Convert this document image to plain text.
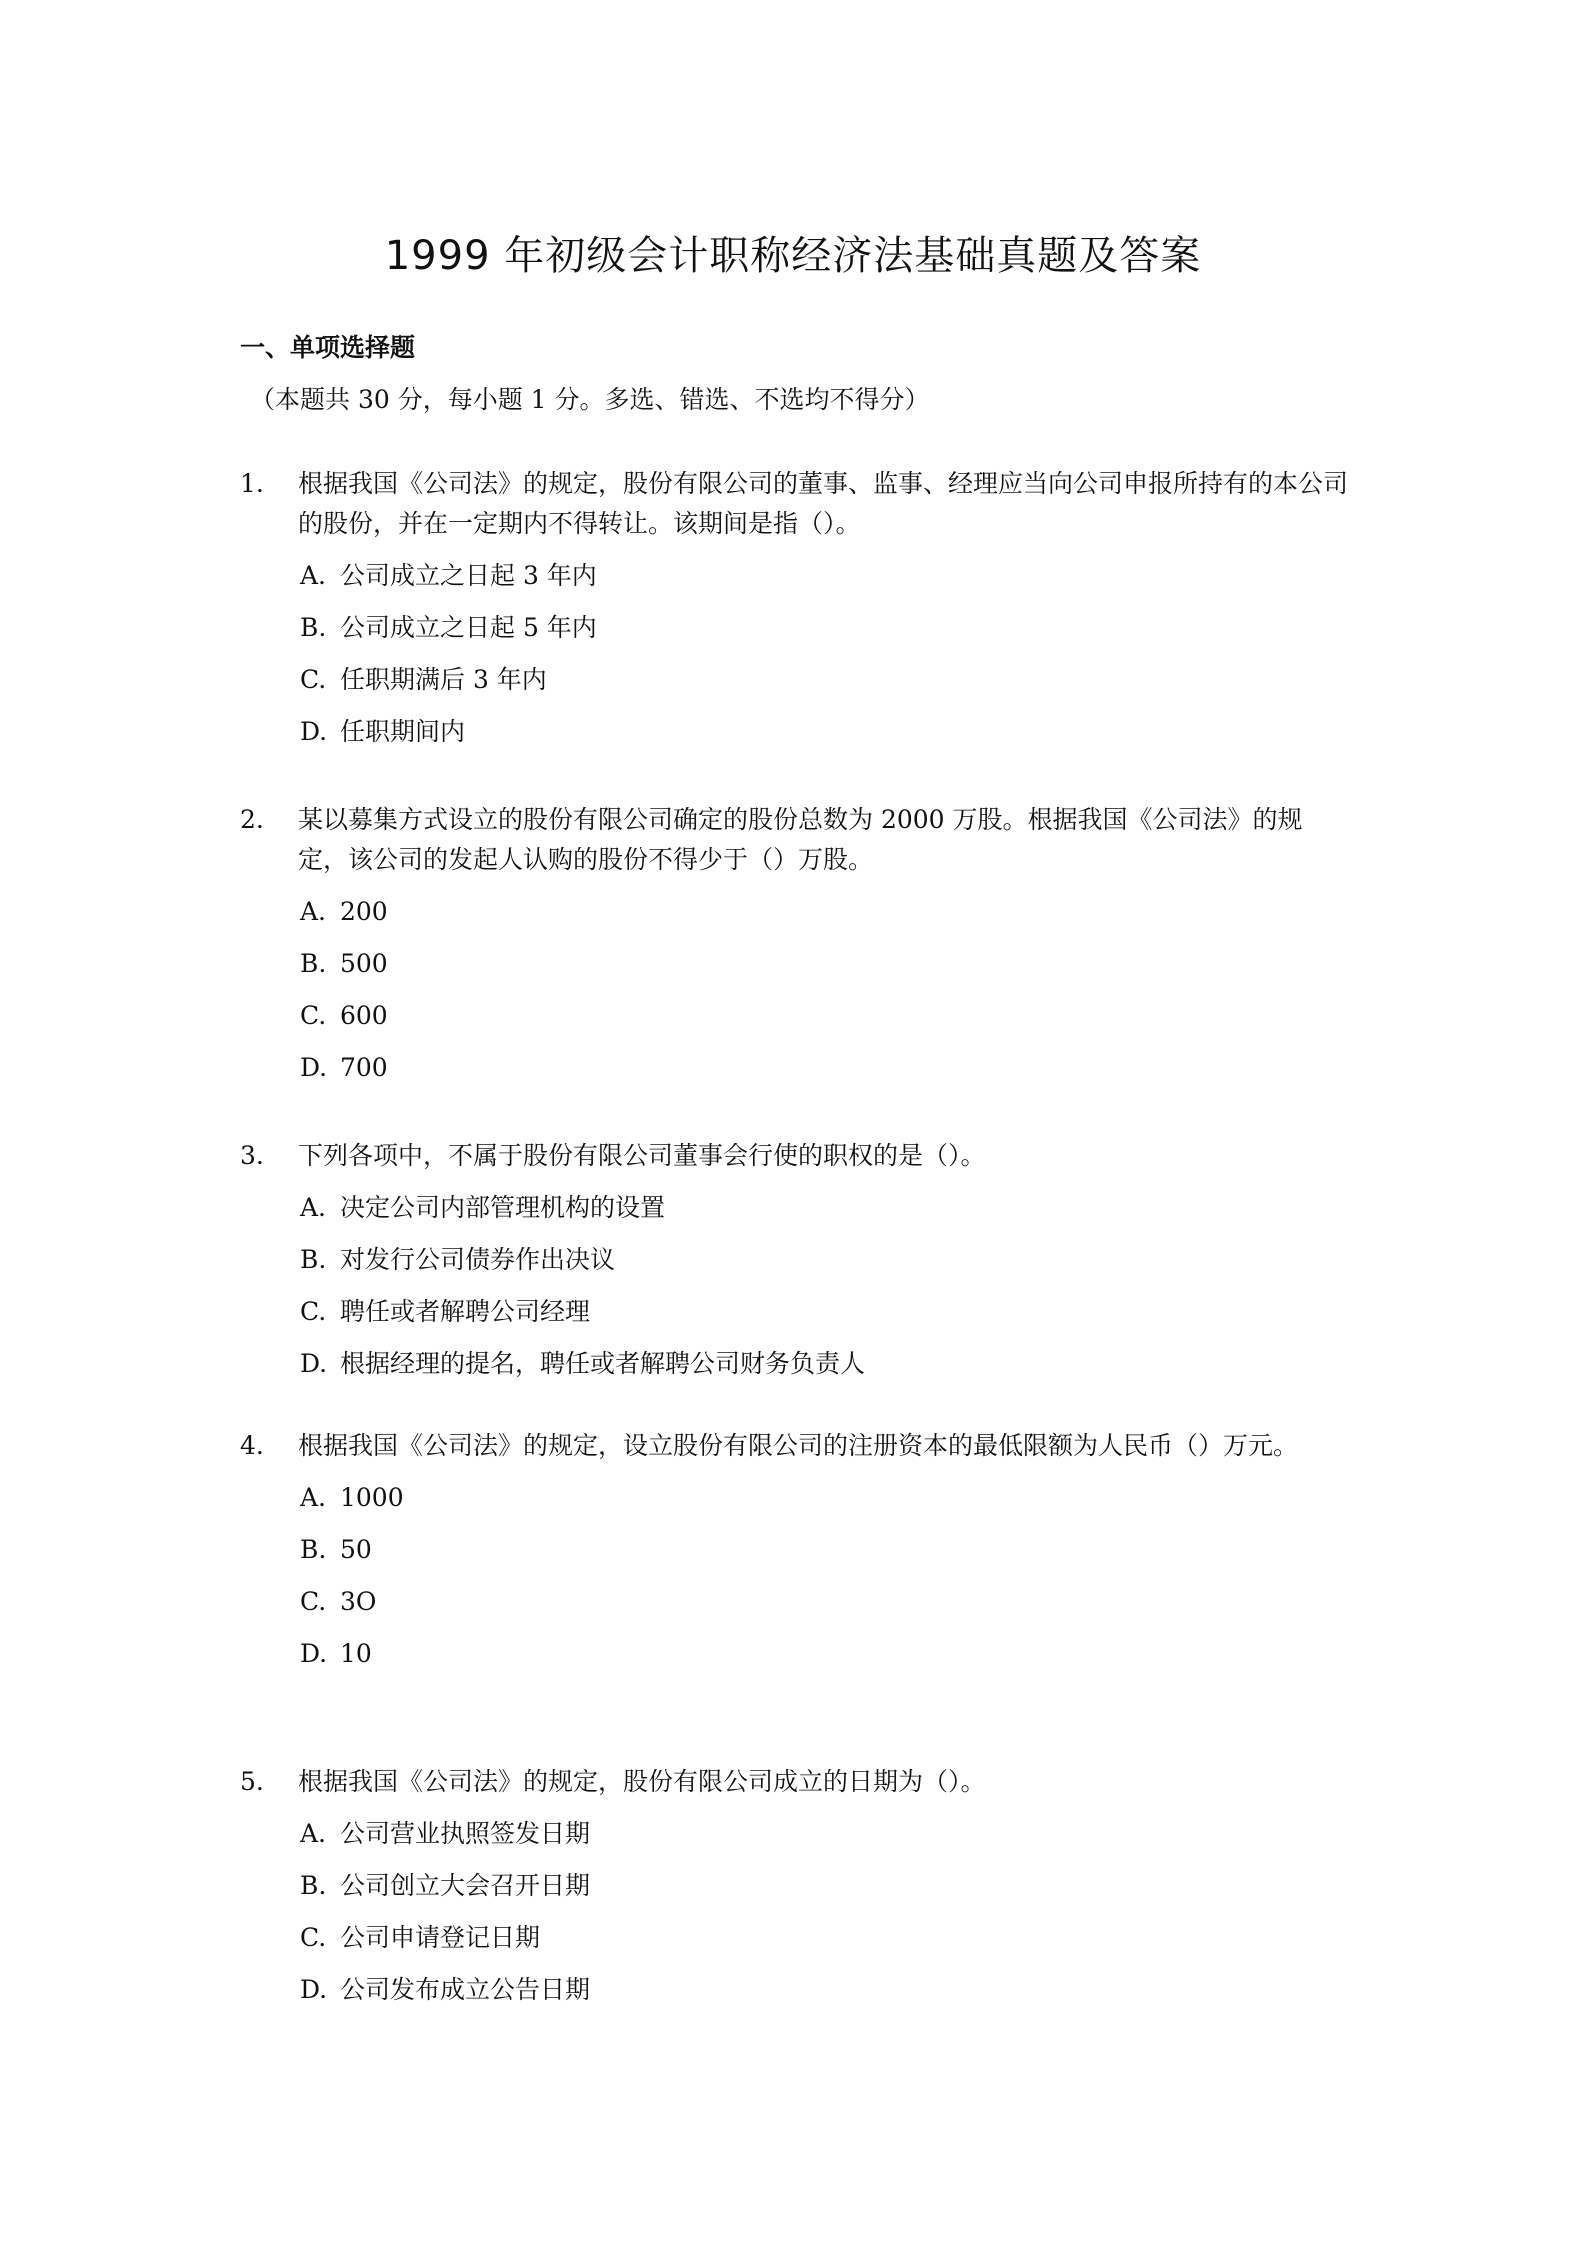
1999 年初级会计职称经济法基础真题及答案
一、单项选择题
（本题共 30 分，每小题 1 分。多选、错选、不选均不得分）
1. 根据我国《公司法》的规定，股份有限公司的董事、监事、经理应当向公司申报所持有的本公司的股份，并在一定期内不得转让。该期间是指（）。
A. 公司成立之日起 3 年内
B. 公司成立之日起 5 年内
C. 任职期满后 3 年内
D. 任职期间内
2. 某以募集方式设立的股份有限公司确定的股份总数为 2000 万股。根据我国《公司法》的规定，该公司的发起人认购的股份不得少于（）万股。
A. 200
B. 500
C. 600
D. 700
3. 下列各项中，不属于股份有限公司董事会行使的职权的是（）。
A. 决定公司内部管理机构的设置
B. 对发行公司债券作出决议
C. 聘任或者解聘公司经理
D. 根据经理的提名，聘任或者解聘公司财务负责人
4. 根据我国《公司法》的规定，设立股份有限公司的注册资本的最低限额为人民币（）万元。
A. 1000
B. 50
C. 3O
D. 10
5. 根据我国《公司法》的规定，股份有限公司成立的日期为（）。
A. 公司营业执照签发日期
B. 公司创立大会召开日期
C. 公司申请登记日期
D. 公司发布成立公告日期
